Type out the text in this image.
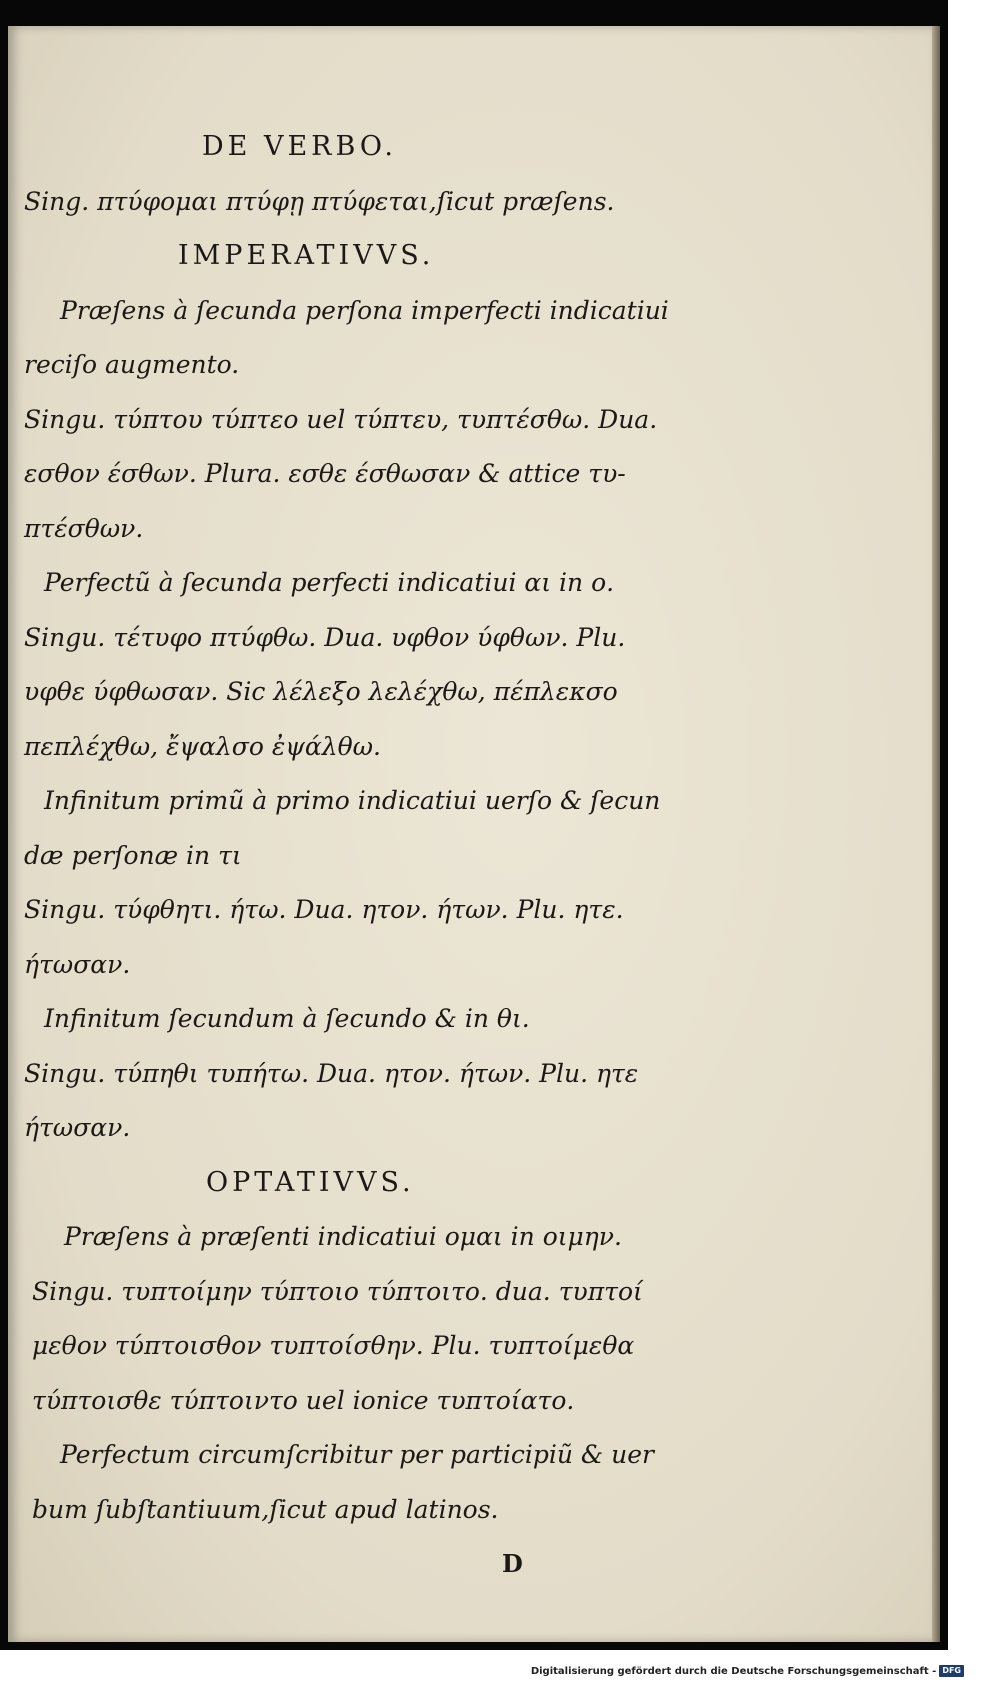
DE VERBO.
Sing. πτύφομαι πτύφῃ πτύφεται,ſicut præſens.
IMPERATIVVS.
Præſens à ſecunda perſona imperfecti indicatiui
reciſo augmento.
Singu. τύπτου τύπτεο uel τύπτευ, τυπτέσθω. Dua.
εσθον έσθων. Plura. εσθε έσθωσαν & attice τυ-
πτέσθων.
Perfectũ à ſecunda perfecti indicatiui αι in ο.
Singu. τέτυφο πτύφθω. Dua. υφθον ύφθων. Plu.
υφθε ύφθωσαν. Sic λέλεξο λελέχθω, πέπλεκσο
πεπλέχθω, ἔψαλσο ἐψάλθω.
Infinitum primũ à primo indicatiui uerſo & ſecun
dæ perſonæ in τι
Singu. τύφθητι. ήτω. Dua. ητον. ήτων. Plu. ητε.
ήτωσαν.
Infinitum ſecundum à ſecundo & in θι.
Singu. τύπηθι τυπήτω. Dua. ητον. ήτων. Plu. ητε
ήτωσαν.
OPTATIVVS.
Præſens à præſenti indicatiui ομαι in οιμην.
Singu. τυπτοίμην τύπτοιο τύπτοιτο. dua. τυπτοί
μεθον τύπτοισθον τυπτοίσθην. Plu. τυπτοίμεθα
τύπτοισθε τύπτοιντο uel ionice τυπτοίατο.
Perfectum circumſcribitur per participiũ & uer
bum ſubſtantiuum,ſicut apud latinos.
D
Digitalisierung gefördert durch die Deutsche Forschungsgemeinschaft - DFG
